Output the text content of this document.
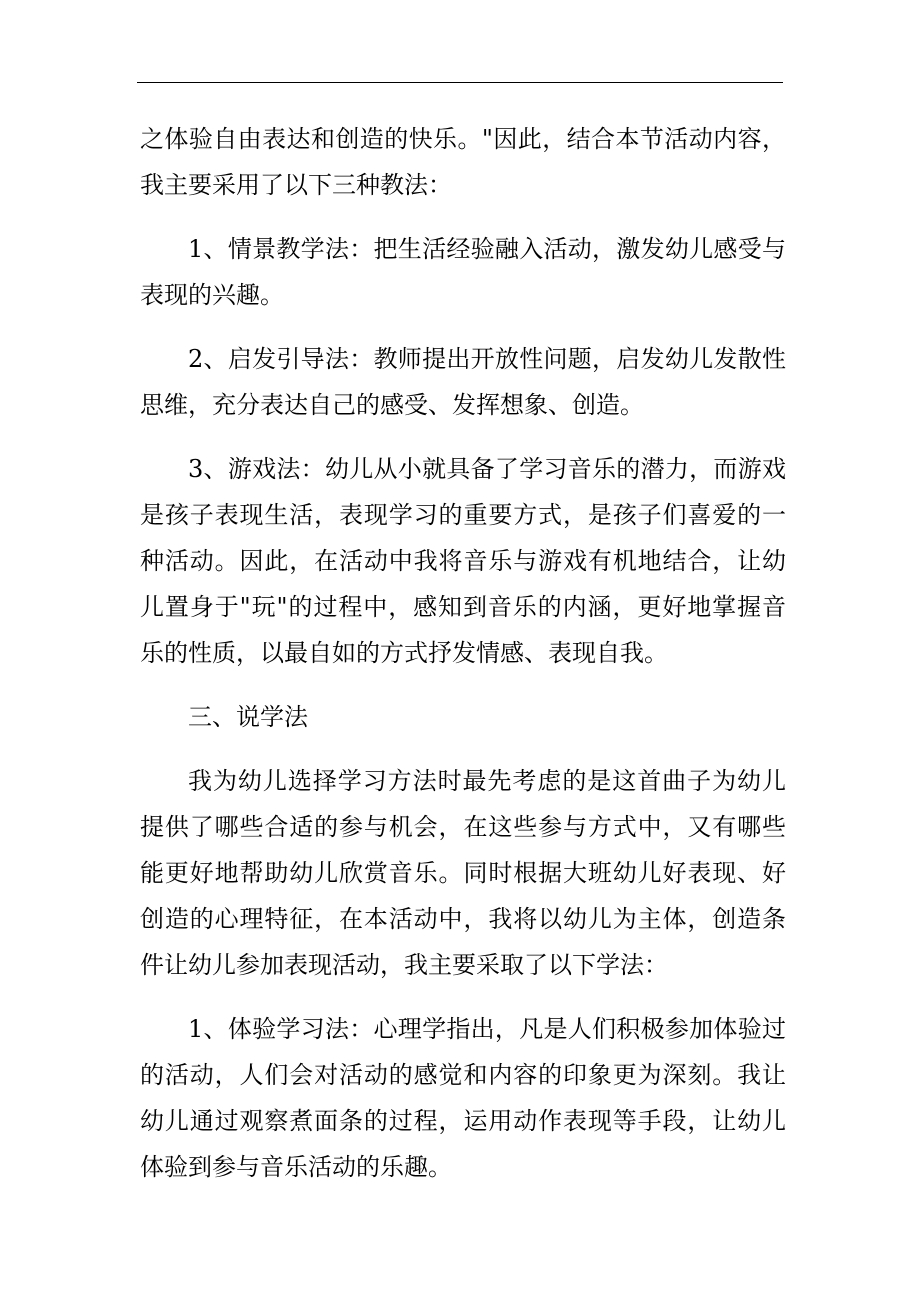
之体验自由表达和创造的快乐。"因此，结合本节活动内容，我主要采用了以下三种教法：

1、情景教学法：把生活经验融入活动，激发幼儿感受与表现的兴趣。

2、启发引导法：教师提出开放性问题，启发幼儿发散性思维，充分表达自己的感受、发挥想象、创造。

3、游戏法：幼儿从小就具备了学习音乐的潜力，而游戏是孩子表现生活，表现学习的重要方式，是孩子们喜爱的一种活动。因此，在活动中我将音乐与游戏有机地结合，让幼儿置身于"玩"的过程中，感知到音乐的内涵，更好地掌握音乐的性质，以最自如的方式抒发情感、表现自我。

三、说学法

我为幼儿选择学习方法时最先考虑的是这首曲子为幼儿提供了哪些合适的参与机会，在这些参与方式中，又有哪些能更好地帮助幼儿欣赏音乐。同时根据大班幼儿好表现、好创造的心理特征，在本活动中，我将以幼儿为主体，创造条件让幼儿参加表现活动，我主要采取了以下学法：

1、体验学习法：心理学指出，凡是人们积极参加体验过的活动，人们会对活动的感觉和内容的印象更为深刻。我让幼儿通过观察煮面条的过程，运用动作表现等手段，让幼儿体验到参与音乐活动的乐趣。
